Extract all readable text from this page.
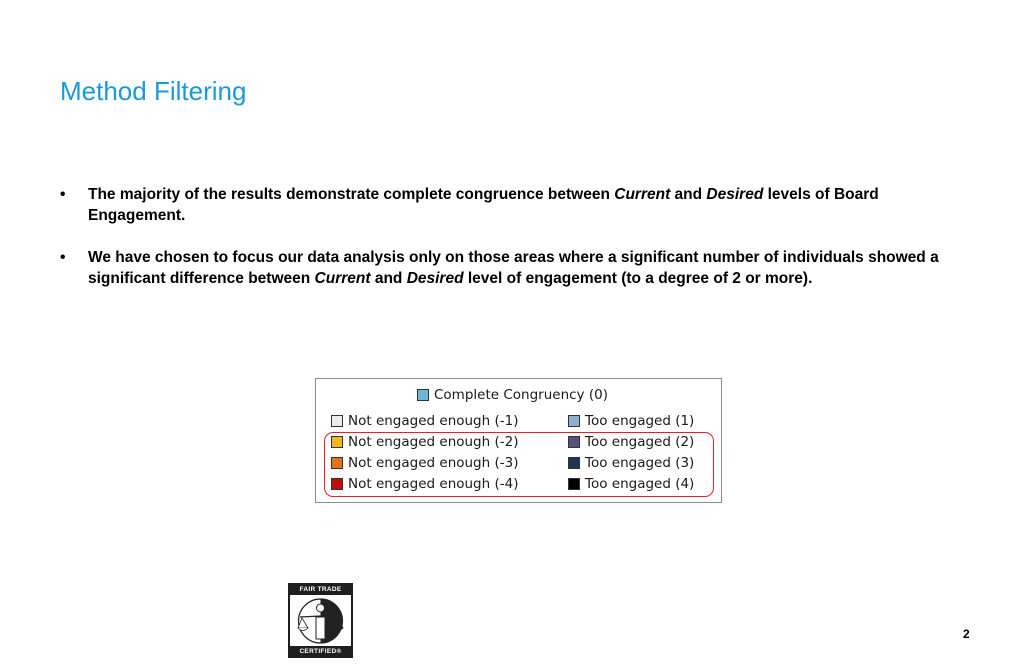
Method Filtering
•	The majority of the results demonstrate complete congruence between Current and Desired levels of Board Engagement.
•	We have chosen to focus our data analysis only on those areas where a significant number of individuals showed a significant difference between Current and Desired level of engagement (to a degree of 2 or more).
Complete Congruency (0)
Not engaged enough (-1)
Not engaged enough (-2)
Not engaged enough (-3)
Not engaged enough (-4)
Too engaged (1)
Too engaged (2)
Too engaged (3)
Too engaged (4)
FAIR TRADE
CERTIFIED®
2
